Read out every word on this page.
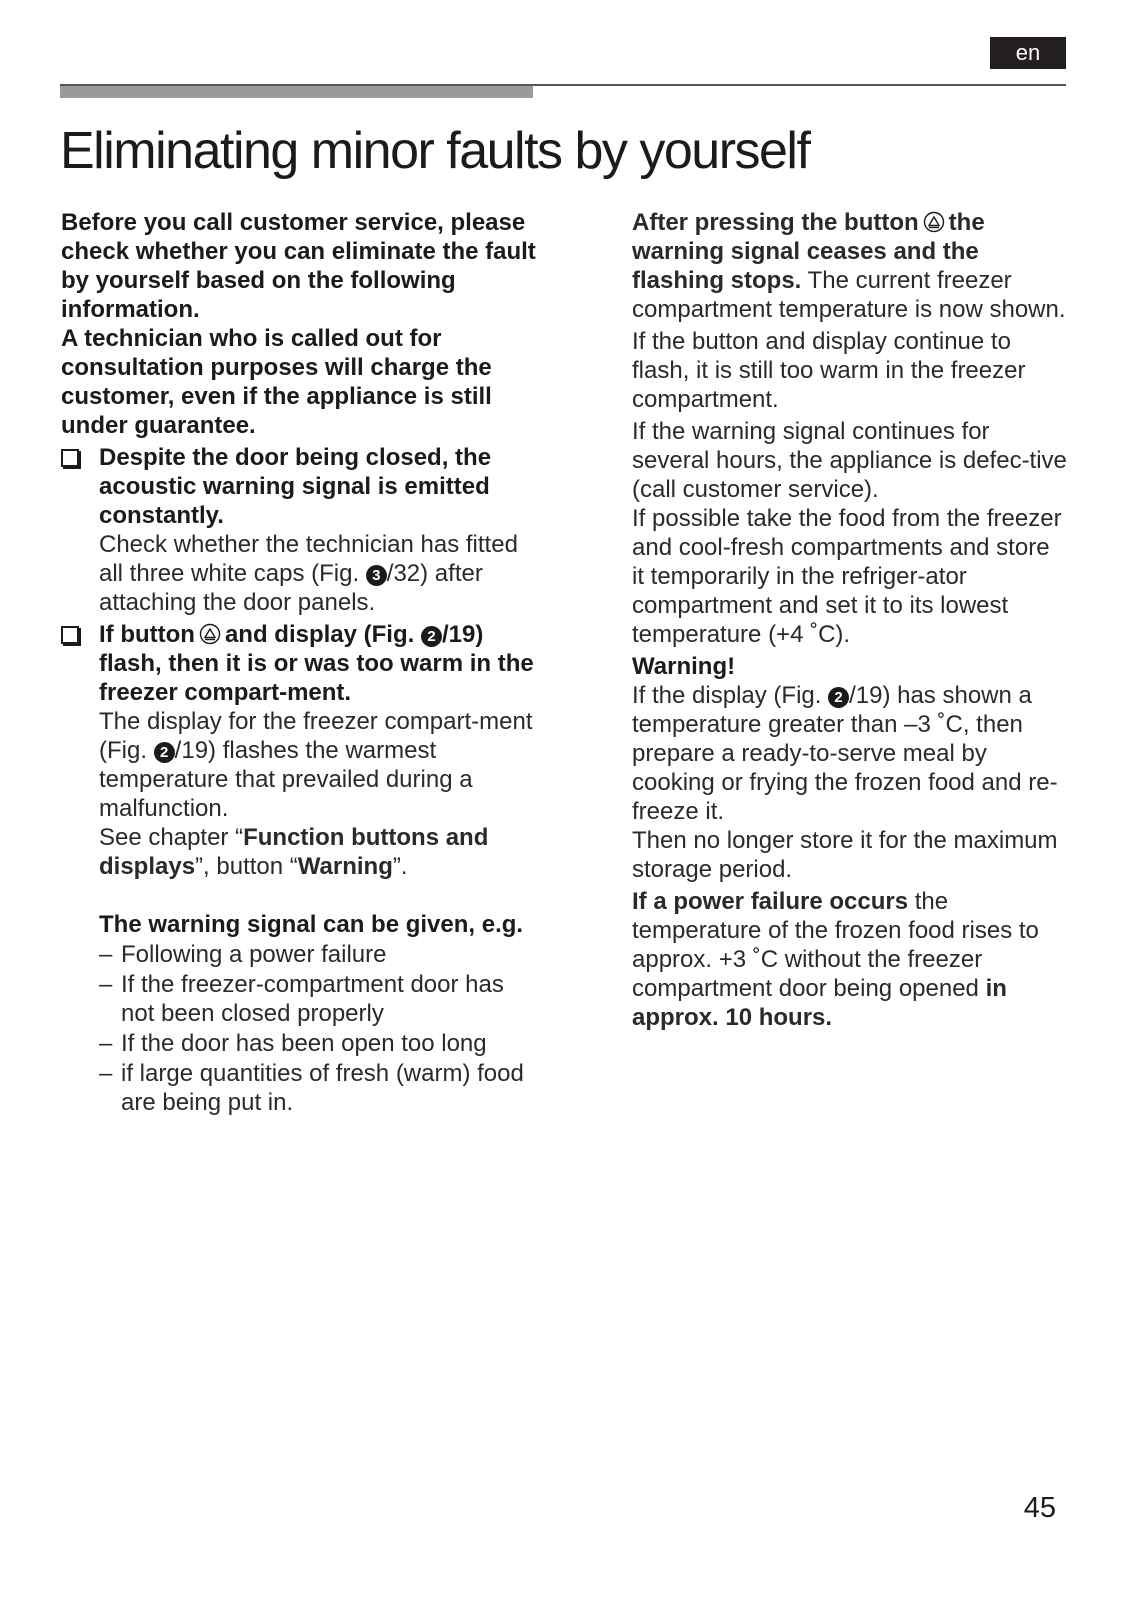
en
Eliminating minor faults by yourself

Before you call customer service, please check whether you can eliminate the fault by yourself based on the following information.

A technician who is called out for consultation purposes will charge the customer, even if the appliance is still under guarantee.

Despite the door being closed, the acoustic warning signal is emitted constantly.

Check whether the technician has fitted all three white caps (Fig. 3 /32) after attaching the door panels.

If button and display (Fig. 2 /19) flash, then it is or was too warm in the freezer compart-ment.

The display for the freezer compart-ment (Fig. 2 /19) flashes the warmest temperature that prevailed during a malfunction.

See chapter “Function buttons and displays”, button “Warning”.

The warning signal can be given, e.g.

– Following a power failure
– If the freezer-compartment door has not been closed properly
– If the door has been open too long
– if large quantities of fresh (warm) food are being put in.

After pressing the button the warning signal ceases and the flashing stops. The current freezer compartment temperature is now shown.

If the button and display continue to flash, it is still too warm in the freezer compartment.

If the warning signal continues for several hours, the appliance is defec-tive (call customer service).

If possible take the food from the freezer and cool-fresh compartments and store it temporarily in the refriger-ator compartment and set it to its lowest temperature (+4 ˚C).

Warning!

If the display (Fig. 2 /19) has shown a temperature greater than –3 ˚C, then prepare a ready-to-serve meal by cooking or frying the frozen food and re-freeze it.

Then no longer store it for the maximum storage period.

If a power failure occurs the temperature of the frozen food rises to approx. +3 ˚C without the freezer compartment door being opened in approx. 10 hours.

45
